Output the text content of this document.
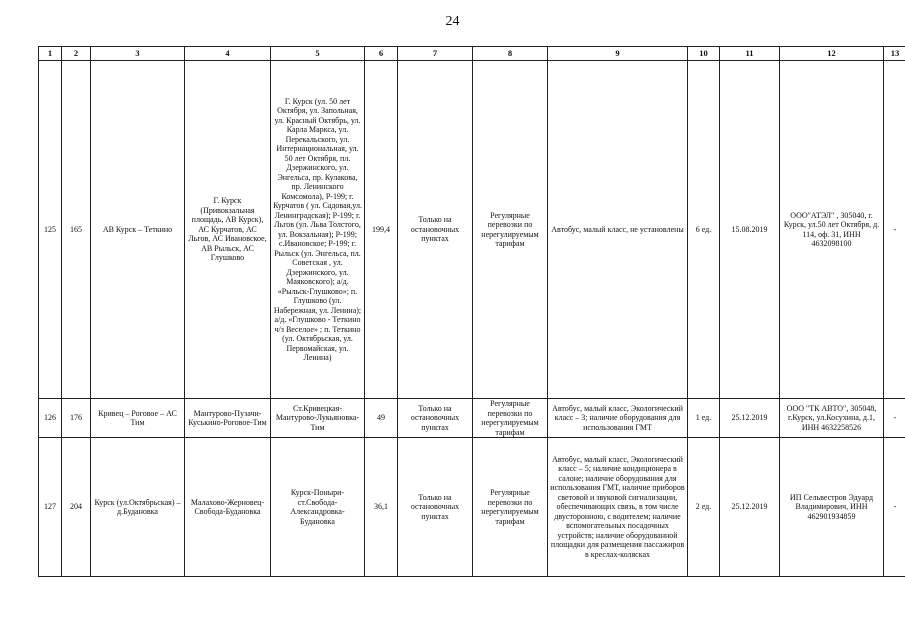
24
1	2	3	4	5	6	7	8	9	10	11	12	13
125	165	АВ Курск – Теткино	Г. Курск (Привокзальная площадь, АВ Курск), АС Курчатов, АС Льгов, АС Ивановское, АВ Рыльск, АС Глушково	Г. Курск (ул. 50 лет Октября, ул. Запольная, ул. Красный Октябрь, ул. Карла Маркса, ул. Перекальского, ул. Интернациональная, ул. 50 лет Октября, пл. Дзержинского, ул. Энгельса, пр. Кулакова, пр. Ленинского Комсомола), Р-199; г. Курчатов ( ул. Садовая,ул. Ленинградская); Р-199; г. Льгов (ул. Льва Толстого, ул. Вокзальная); Р-199; с.Ивановское; Р-199; г. Рыльск (ул. Энгельса, пл. Советская , ул. Дзержинского, ул. Маяковского); а/д. «Рыльск-Глушково»; п. Глушково (ул. Набережная, ул. Ленина); а/д. «Глушково - Теткино ч/з Веселое» ; п. Теткино (ул. Октябрьская, ул. Первомайская, ул. Ленина)	199,4	Только на остановочных пунктах	Регулярные перевозки по нерегулируемым тарифам	Автобус, малый класс, не установлены	6 ед.	15.08.2019	ООО"АТЭЛ" , 305040, г. Курск, ул.50 лет Октября, д. 114, оф. 31, ИНН 4632098100	-
126	176	Кривец – Роговое – АС Тим	Мантурово-Пузачи-Куськино-Роговое-Тим	Ст.Кривецкая-Мантурово-Лукьяновка- Тим	49	Только на остановочных пунктах	Регулярные перевозки по нерегулируемым тарифам	Автобус, малый класс, Экологический класс – 3; наличие оборудования для использования ГМТ	1 ед.	25.12.2019	ООО "ТК АВТО", 305048, г.Курск, ул.Косухина, д.1, ИНН 4632258526	-
127	204	Курск (ул.Октябрьская) – д.Будановка	Малахово-Жерновец-Свобода-Будановка	Курск-Поныри-ст.Свобода-Александровка-Будановка	36,1	Только на остановочных пунктах	Регулярные перевозки по нерегулируемым тарифам	Автобус, малый класс, Экологический класс – 5; наличие кондиционера в салоне; наличие оборудования для использования ГМТ, наличие приборов световой и звуковой сигнализации, обеспечивающих связь, в том числе двусторонною, с водителем; наличие вспомогательных посадочных устройств; наличие оборудованной площадки для размещения пассажиров в креслах-колясках	2 ед.	25.12.2019	ИП Сельвестров Эдуард Владимирович, ИНН 462901934859	-
